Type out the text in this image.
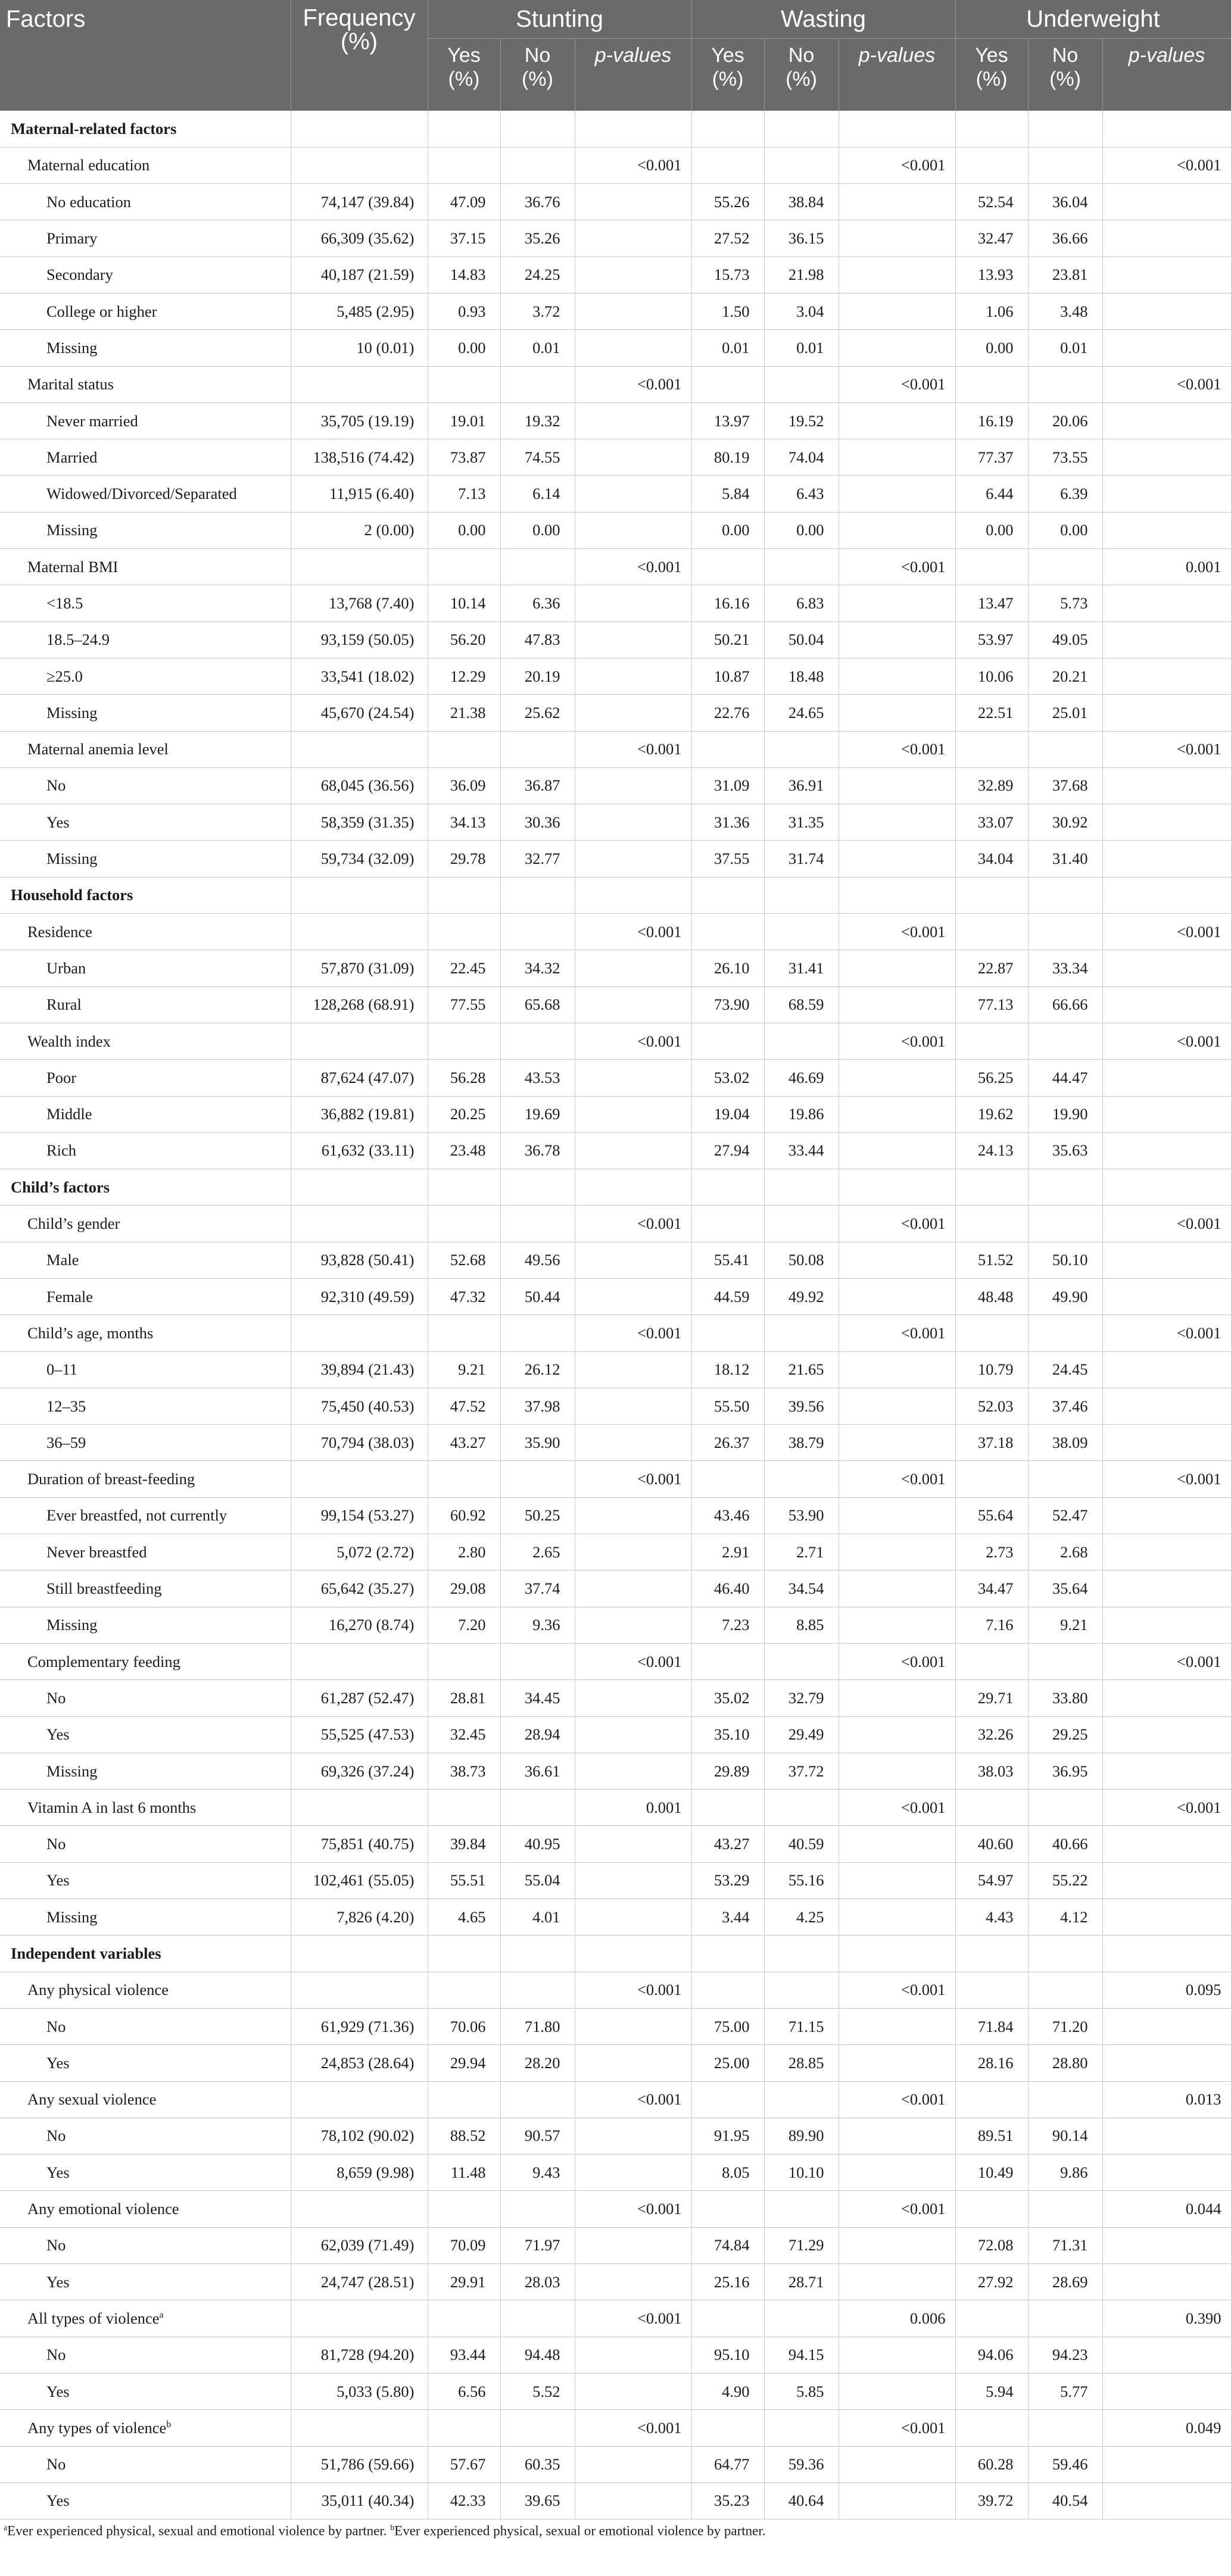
Factors	Frequency (%)	Stunting			Wasting			Underweight		
		Yes (%)	No (%)	p-values	Yes (%)	No (%)	p-values	Yes (%)	No (%)	p-values
Maternal-related factors										
Maternal education				<0.001			<0.001			<0.001
No education	74,147 (39.84)	47.09	36.76		55.26	38.84		52.54	36.04	
Primary	66,309 (35.62)	37.15	35.26		27.52	36.15		32.47	36.66	
Secondary	40,187 (21.59)	14.83	24.25		15.73	21.98		13.93	23.81	
College or higher	5,485 (2.95)	0.93	3.72		1.50	3.04		1.06	3.48	
Missing	10 (0.01)	0.00	0.01		0.01	0.01		0.00	0.01	
Marital status				<0.001			<0.001			<0.001
Never married	35,705 (19.19)	19.01	19.32		13.97	19.52		16.19	20.06	
Married	138,516 (74.42)	73.87	74.55		80.19	74.04		77.37	73.55	
Widowed/Divorced/Separated	11,915 (6.40)	7.13	6.14		5.84	6.43		6.44	6.39	
Missing	2 (0.00)	0.00	0.00		0.00	0.00		0.00	0.00	
Maternal BMI				<0.001			<0.001			0.001
<18.5	13,768 (7.40)	10.14	6.36		16.16	6.83		13.47	5.73	
18.5–24.9	93,159 (50.05)	56.20	47.83		50.21	50.04		53.97	49.05	
≥25.0	33,541 (18.02)	12.29	20.19		10.87	18.48		10.06	20.21	
Missing	45,670 (24.54)	21.38	25.62		22.76	24.65		22.51	25.01	
Maternal anemia level				<0.001			<0.001			<0.001
No	68,045 (36.56)	36.09	36.87		31.09	36.91		32.89	37.68	
Yes	58,359 (31.35)	34.13	30.36		31.36	31.35		33.07	30.92	
Missing	59,734 (32.09)	29.78	32.77		37.55	31.74		34.04	31.40	
Household factors										
Residence				<0.001			<0.001			<0.001
Urban	57,870 (31.09)	22.45	34.32		26.10	31.41		22.87	33.34	
Rural	128,268 (68.91)	77.55	65.68		73.90	68.59		77.13	66.66	
Wealth index				<0.001			<0.001			<0.001
Poor	87,624 (47.07)	56.28	43.53		53.02	46.69		56.25	44.47	
Middle	36,882 (19.81)	20.25	19.69		19.04	19.86		19.62	19.90	
Rich	61,632 (33.11)	23.48	36.78		27.94	33.44		24.13	35.63	
Child’s factors										
Child’s gender				<0.001			<0.001			<0.001
Male	93,828 (50.41)	52.68	49.56		55.41	50.08		51.52	50.10	
Female	92,310 (49.59)	47.32	50.44		44.59	49.92		48.48	49.90	
Child’s age, months				<0.001			<0.001			<0.001
0–11	39,894 (21.43)	9.21	26.12		18.12	21.65		10.79	24.45	
12–35	75,450 (40.53)	47.52	37.98		55.50	39.56		52.03	37.46	
36–59	70,794 (38.03)	43.27	35.90		26.37	38.79		37.18	38.09	
Duration of breast-feeding				<0.001			<0.001			<0.001
Ever breastfed, not currently	99,154 (53.27)	60.92	50.25		43.46	53.90		55.64	52.47	
Never breastfed	5,072 (2.72)	2.80	2.65		2.91	2.71		2.73	2.68	
Still breastfeeding	65,642 (35.27)	29.08	37.74		46.40	34.54		34.47	35.64	
Missing	16,270 (8.74)	7.20	9.36		7.23	8.85		7.16	9.21	
Complementary feeding				<0.001			<0.001			<0.001
No	61,287 (52.47)	28.81	34.45		35.02	32.79		29.71	33.80	
Yes	55,525 (47.53)	32.45	28.94		35.10	29.49		32.26	29.25	
Missing	69,326 (37.24)	38.73	36.61		29.89	37.72		38.03	36.95	
Vitamin A in last 6 months				0.001			<0.001			<0.001
No	75,851 (40.75)	39.84	40.95		43.27	40.59		40.60	40.66	
Yes	102,461 (55.05)	55.51	55.04		53.29	55.16		54.97	55.22	
Missing	7,826 (4.20)	4.65	4.01		3.44	4.25		4.43	4.12	
Independent variables										
Any physical violence				<0.001			<0.001			0.095
No	61,929 (71.36)	70.06	71.80		75.00	71.15		71.84	71.20	
Yes	24,853 (28.64)	29.94	28.20		25.00	28.85		28.16	28.80	
Any sexual violence				<0.001			<0.001			0.013
No	78,102 (90.02)	88.52	90.57		91.95	89.90		89.51	90.14	
Yes	8,659 (9.98)	11.48	9.43		8.05	10.10		10.49	9.86	
Any emotional violence				<0.001			<0.001			0.044
No	62,039 (71.49)	70.09	71.97		74.84	71.29		72.08	71.31	
Yes	24,747 (28.51)	29.91	28.03		25.16	28.71		27.92	28.69	
All types of violence$^a$				<0.001			0.006			0.390
No	81,728 (94.20)	93.44	94.48		95.10	94.15		94.06	94.23	
Yes	5,033 (5.80)	6.56	5.52		4.90	5.85		5.94	5.77	
Any types of violence$^b$				<0.001			<0.001			0.049
No	51,786 (59.66)	57.67	60.35		64.77	59.36		60.28	59.46	
Yes	35,011 (40.34)	42.33	39.65		35.23	40.64		39.72	40.54	
$^a$Ever experienced physical, sexual and emotional violence by partner. $^b$Ever experienced physical, sexual or emotional violence by partner.
